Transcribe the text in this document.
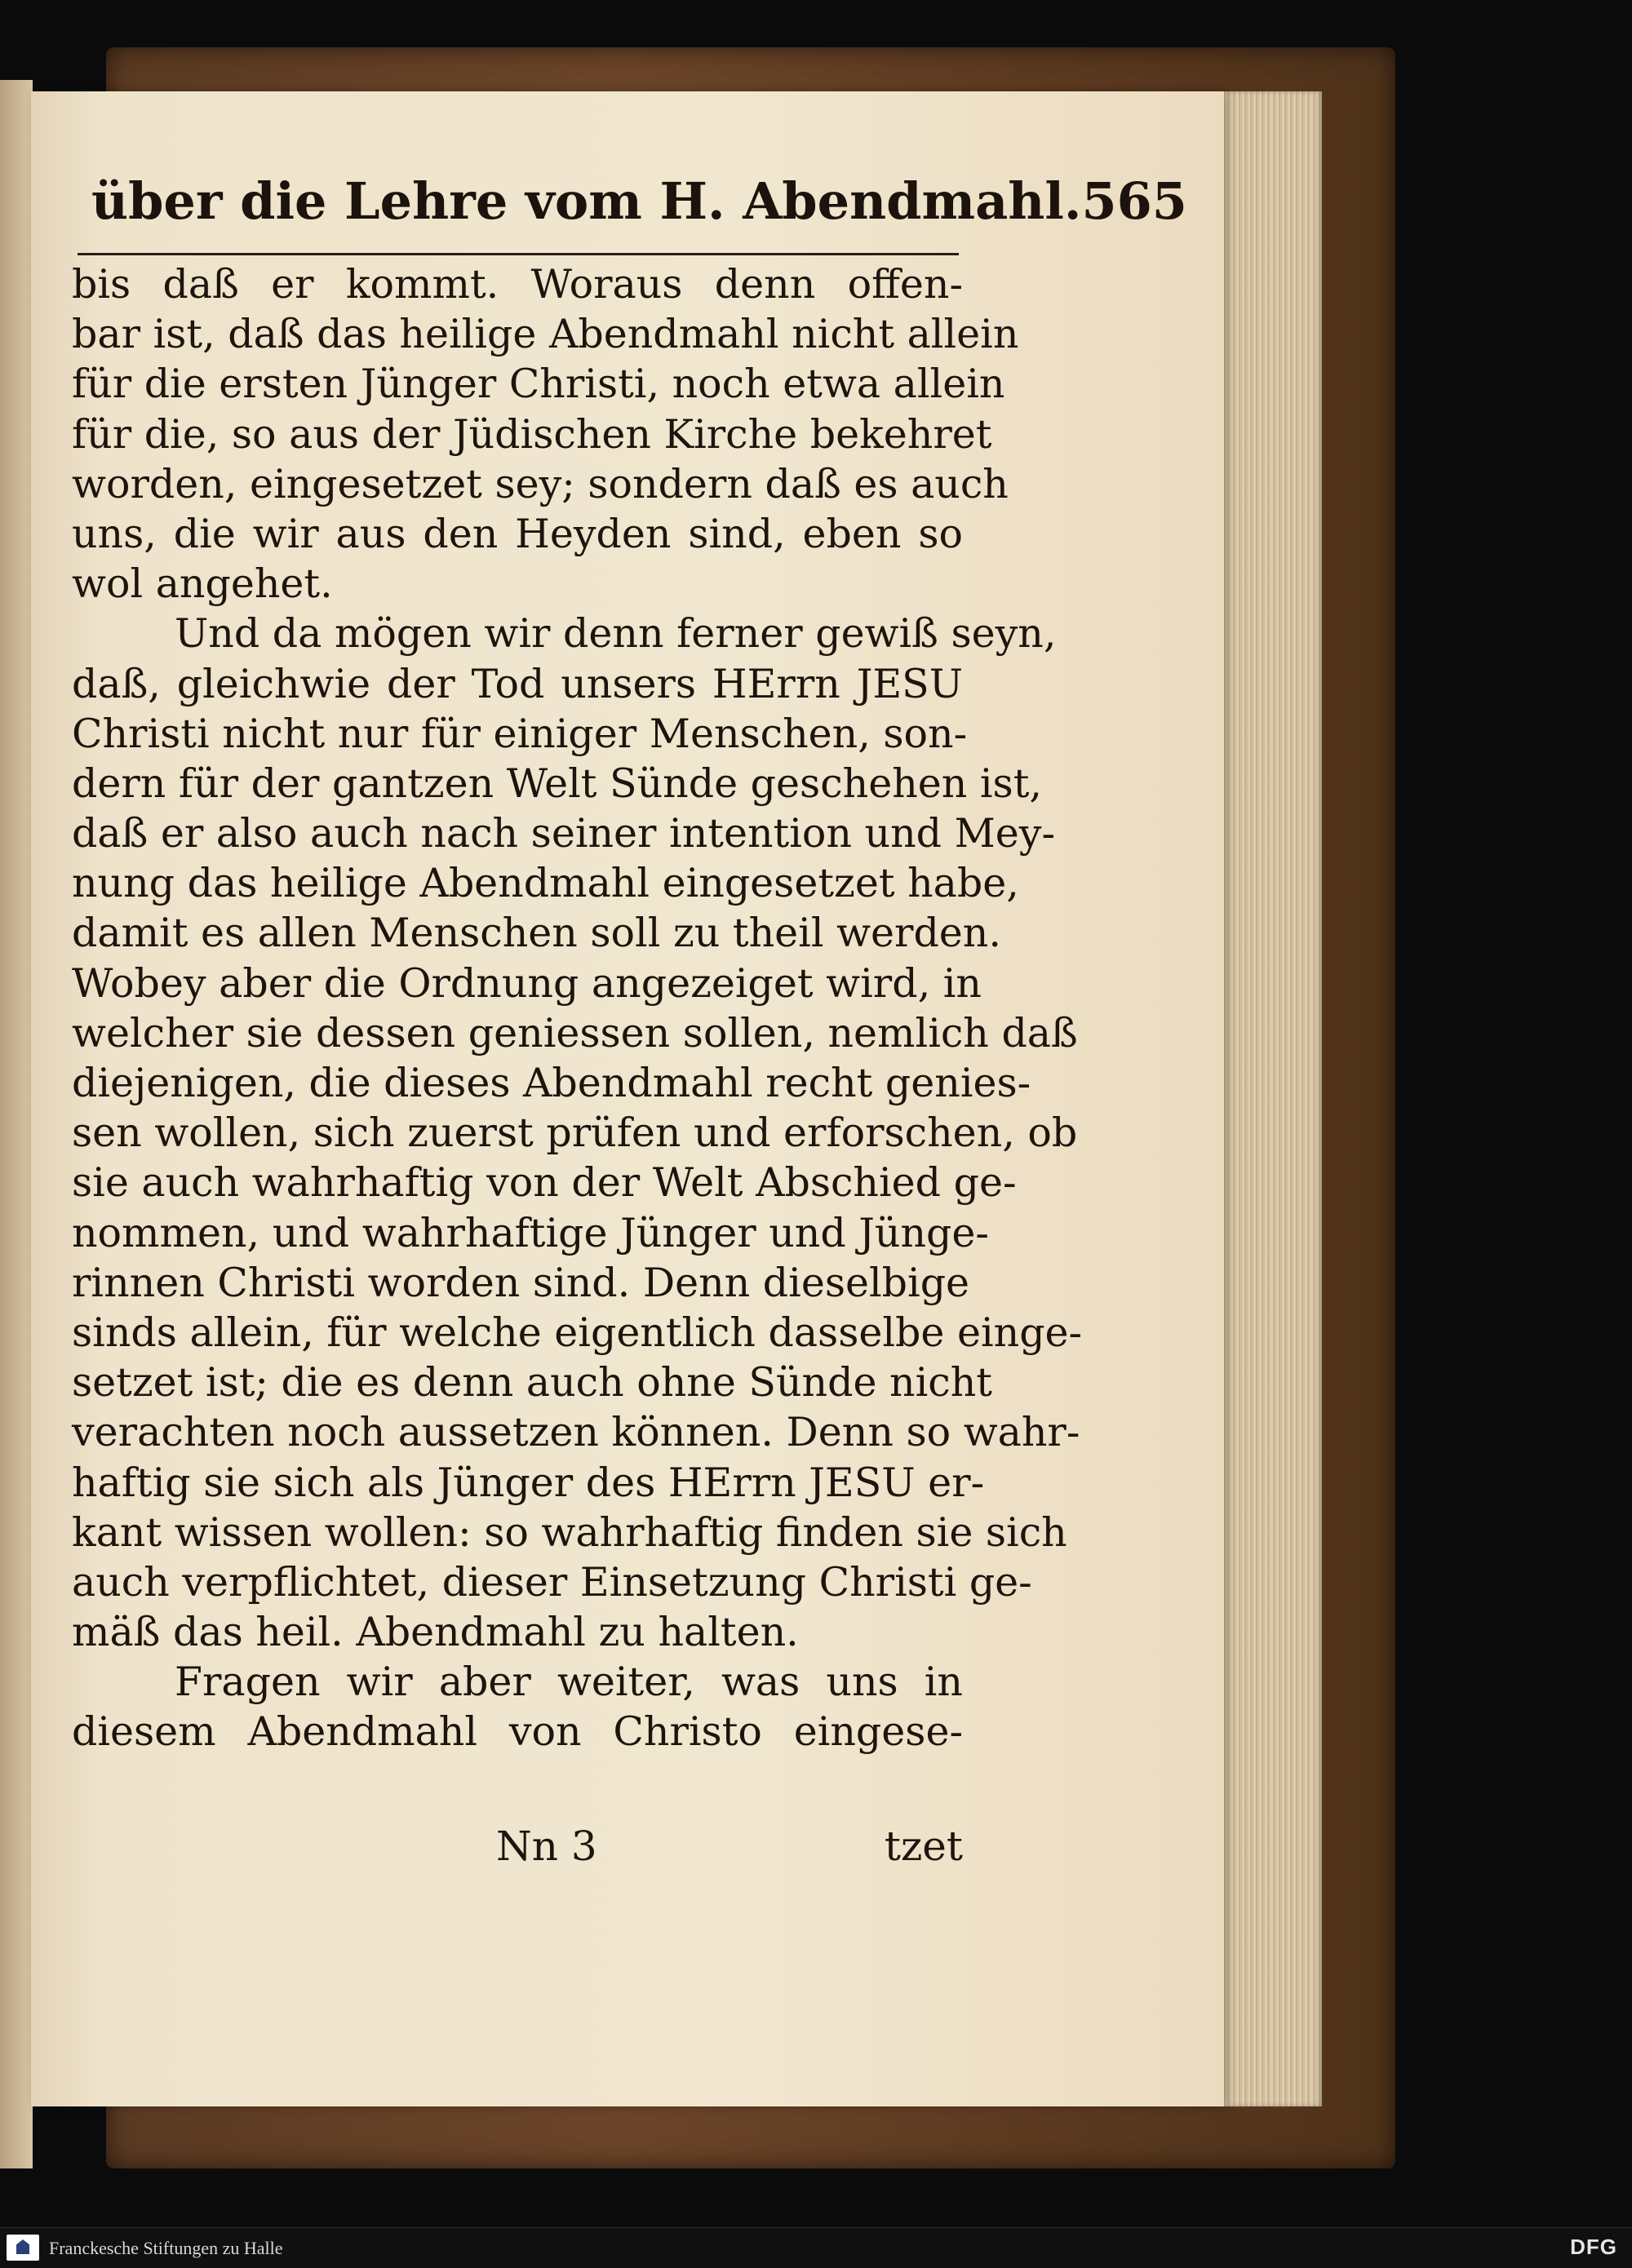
über die Lehre vom H. Abendmahl. 565
bis daß er kommt. Woraus denn offen-
bar ist, daß das heilige Abendmahl nicht allein
für die ersten Jünger Christi, noch etwa allein
für die, so aus der Jüdischen Kirche bekehret
worden, eingesetzet sey; sondern daß es auch
uns, die wir aus den Heyden sind, eben so
wol angehet.
Und da mögen wir denn ferner gewiß seyn,
daß, gleichwie der Tod unsers HErrn JESU
Christi nicht nur für einiger Menschen, son-
dern für der gantzen Welt Sünde geschehen ist,
daß er also auch nach seiner intention und Mey-
nung das heilige Abendmahl eingesetzet habe,
damit es allen Menschen soll zu theil werden.
Wobey aber die Ordnung angezeiget wird, in
welcher sie dessen geniessen sollen, nemlich daß
diejenigen, die dieses Abendmahl recht genies-
sen wollen, sich zuerst prüfen und erforschen, ob
sie auch wahrhaftig von der Welt Abschied ge-
nommen, und wahrhaftige Jünger und Jünge-
rinnen Christi worden sind. Denn dieselbige
sinds allein, für welche eigentlich dasselbe einge-
setzet ist; die es denn auch ohne Sünde nicht
verachten noch aussetzen können. Denn so wahr-
haftig sie sich als Jünger des HErrn JESU er-
kant wissen wollen: so wahrhaftig finden sie sich
auch verpflichtet, dieser Einsetzung Christi ge-
mäß das heil. Abendmahl zu halten.
Fragen wir aber weiter, was uns in
diesem Abendmahl von Christo eingese-
Nn 3	tzet
Franckesche Stiftungen zu Halle	DFG
